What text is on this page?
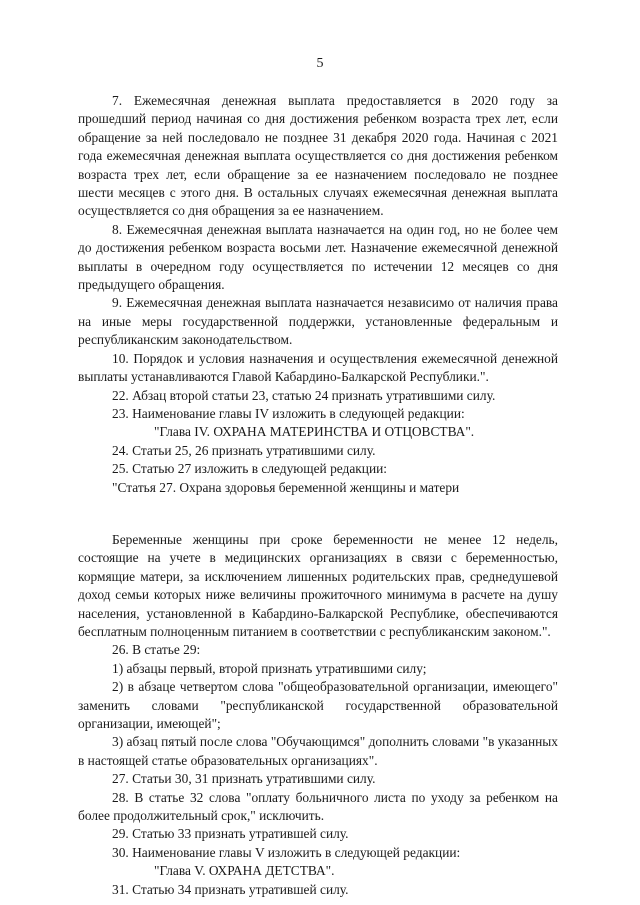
5

7. Ежемесячная денежная выплата предоставляется в 2020 году за прошедший период начиная со дня достижения ребенком возраста трех лет, если обращение за ней последовало не позднее 31 декабря 2020 года. Начиная с 2021 года ежемесячная денежная выплата осуществляется со дня достижения ребенком возраста трех лет, если обращение за ее назначением последовало не позднее шести месяцев с этого дня. В остальных случаях ежемесячная денежная выплата осуществляется со дня обращения за ее назначением.

8. Ежемесячная денежная выплата назначается на один год, но не более чем до достижения ребенком возраста восьми лет. Назначение ежемесячной денежной выплаты в очередном году осуществляется по истечении 12 месяцев со дня предыдущего обращения.

9. Ежемесячная денежная выплата назначается независимо от наличия права на иные меры государственной поддержки, установленные федеральным и республиканским законодательством.

10. Порядок и условия назначения и осуществления ежемесячной денежной выплаты устанавливаются Главой Кабардино-Балкарской Республики.".

22. Абзац второй статьи 23, статью 24 признать утратившими силу.

23. Наименование главы IV изложить в следующей редакции:

"Глава IV. ОХРАНА МАТЕРИНСТВА И ОТЦОВСТВА".

24. Статьи 25, 26 признать утратившими силу.

25. Статью 27 изложить в следующей редакции:

"Статья 27. Охрана здоровья беременной женщины и матери

Беременные женщины при сроке беременности не менее 12 недель, состоящие на учете в медицинских организациях в связи с беременностью, кормящие матери, за исключением лишенных родительских прав, среднедушевой доход семьи которых ниже величины прожиточного минимума в расчете на душу населения, установленной в Кабардино-Балкарской Республике, обеспечиваются бесплатным полноценным питанием в соответствии с республиканским законом.".

26. В статье 29:

1) абзацы первый, второй признать утратившими силу;

2) в абзаце четвертом слова "общеобразовательной организации, имеющего" заменить словами "республиканской государственной образовательной организации, имеющей";

3) абзац пятый после слова "Обучающимся" дополнить словами "в указанных в настоящей статье образовательных организациях".

27. Статьи 30, 31 признать утратившими силу.

28. В статье 32 слова "оплату больничного листа по уходу за ребенком на более продолжительный срок," исключить.

29. Статью 33 признать утратившей силу.

30. Наименование главы V изложить в следующей редакции:

"Глава V. ОХРАНА ДЕТСТВА".

31. Статью 34 признать утратившей силу.
